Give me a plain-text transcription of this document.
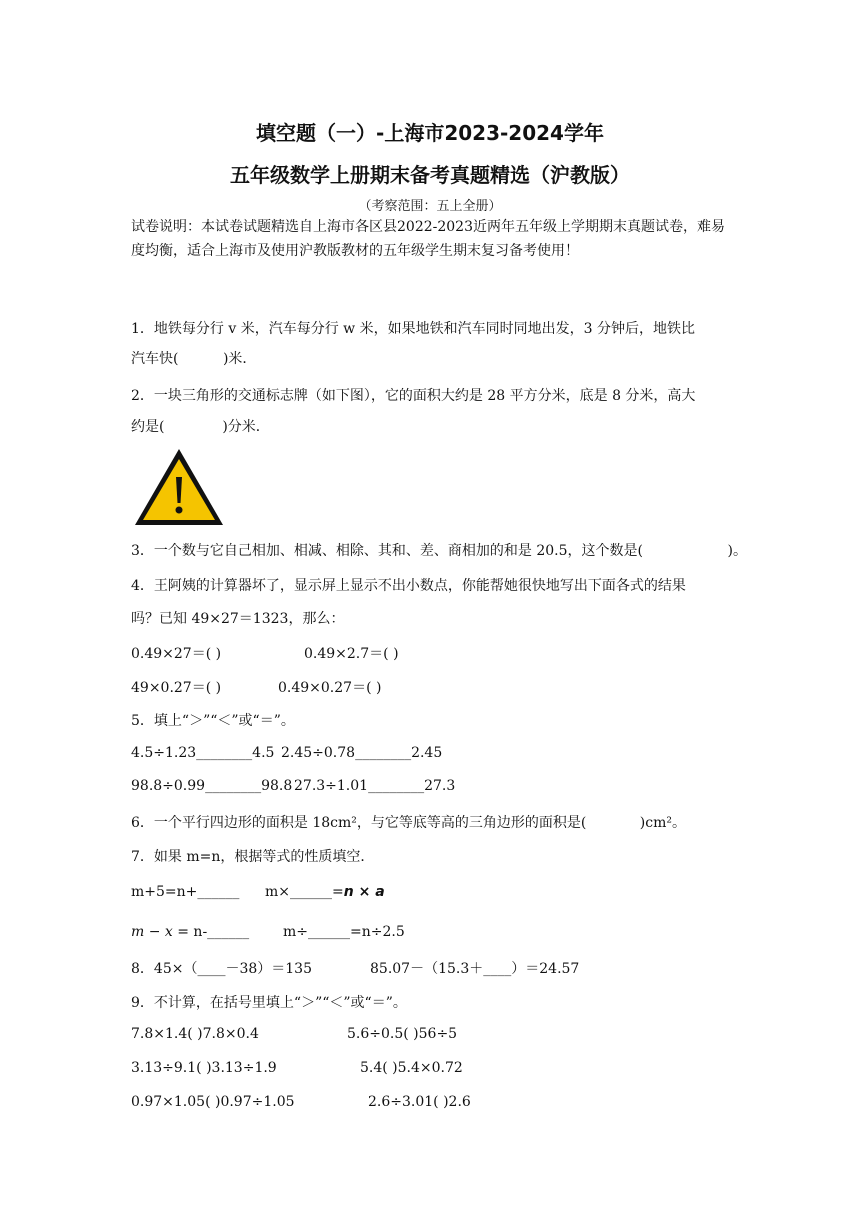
填空题（一）-上海市2023-2024学年
五年级数学上册期末备考真题精选（沪教版）
（考察范围：五上全册）
试卷说明：本试卷试题精选自上海市各区县2022-2023近两年五年级上学期期末真题试卷，难易度均衡，适合上海市及使用沪教版教材的五年级学生期末复习备考使用！
1．地铁每分行 v 米，汽车每分行 w 米，如果地铁和汽车同时同地出发，3 分钟后，地铁比
汽车快(          )米．
2．一块三角形的交通标志牌（如下图），它的面积大约是 28 平方分米，底是 8 分米，高大
约是(             )分米．
3．一个数与它自己相加、相减、相除、其和、差、商相加的和是 20.5，这个数是(                   )。
4．王阿姨的计算器坏了，显示屏上显示不出小数点，你能帮她很快地写出下面各式的结果
吗？已知 49×27＝1323，那么：
0.49×27＝( )	0.49×2.7＝( )
49×0.27＝( )	0.49×0.27＝( )
5．填上“＞”“＜”或“＝”。
4.5÷1.23________4.5 2.45÷0.78________2.45
98.8÷0.99________98.8 27.3÷1.01________27.3
6．一个平行四边形的面积是 18cm²，与它等底等高的三角边形的面积是(            )cm²。
7．如果 m=n，根据等式的性质填空．
m+5=n+______ m×______=n × a
m − x = n-______ m÷______=n÷2.5
8．45×（____－38）＝135	85.07－（15.3＋____）＝24.57
9．不计算，在括号里填上“＞”“＜”或“＝”。
7.8×1.4( )7.8×0.4	5.6÷0.5( )56÷5
3.13÷9.1( )3.13÷1.9	5.4( )5.4×0.72
0.97×1.05( )0.97÷1.05	2.6÷3.01( )2.6
